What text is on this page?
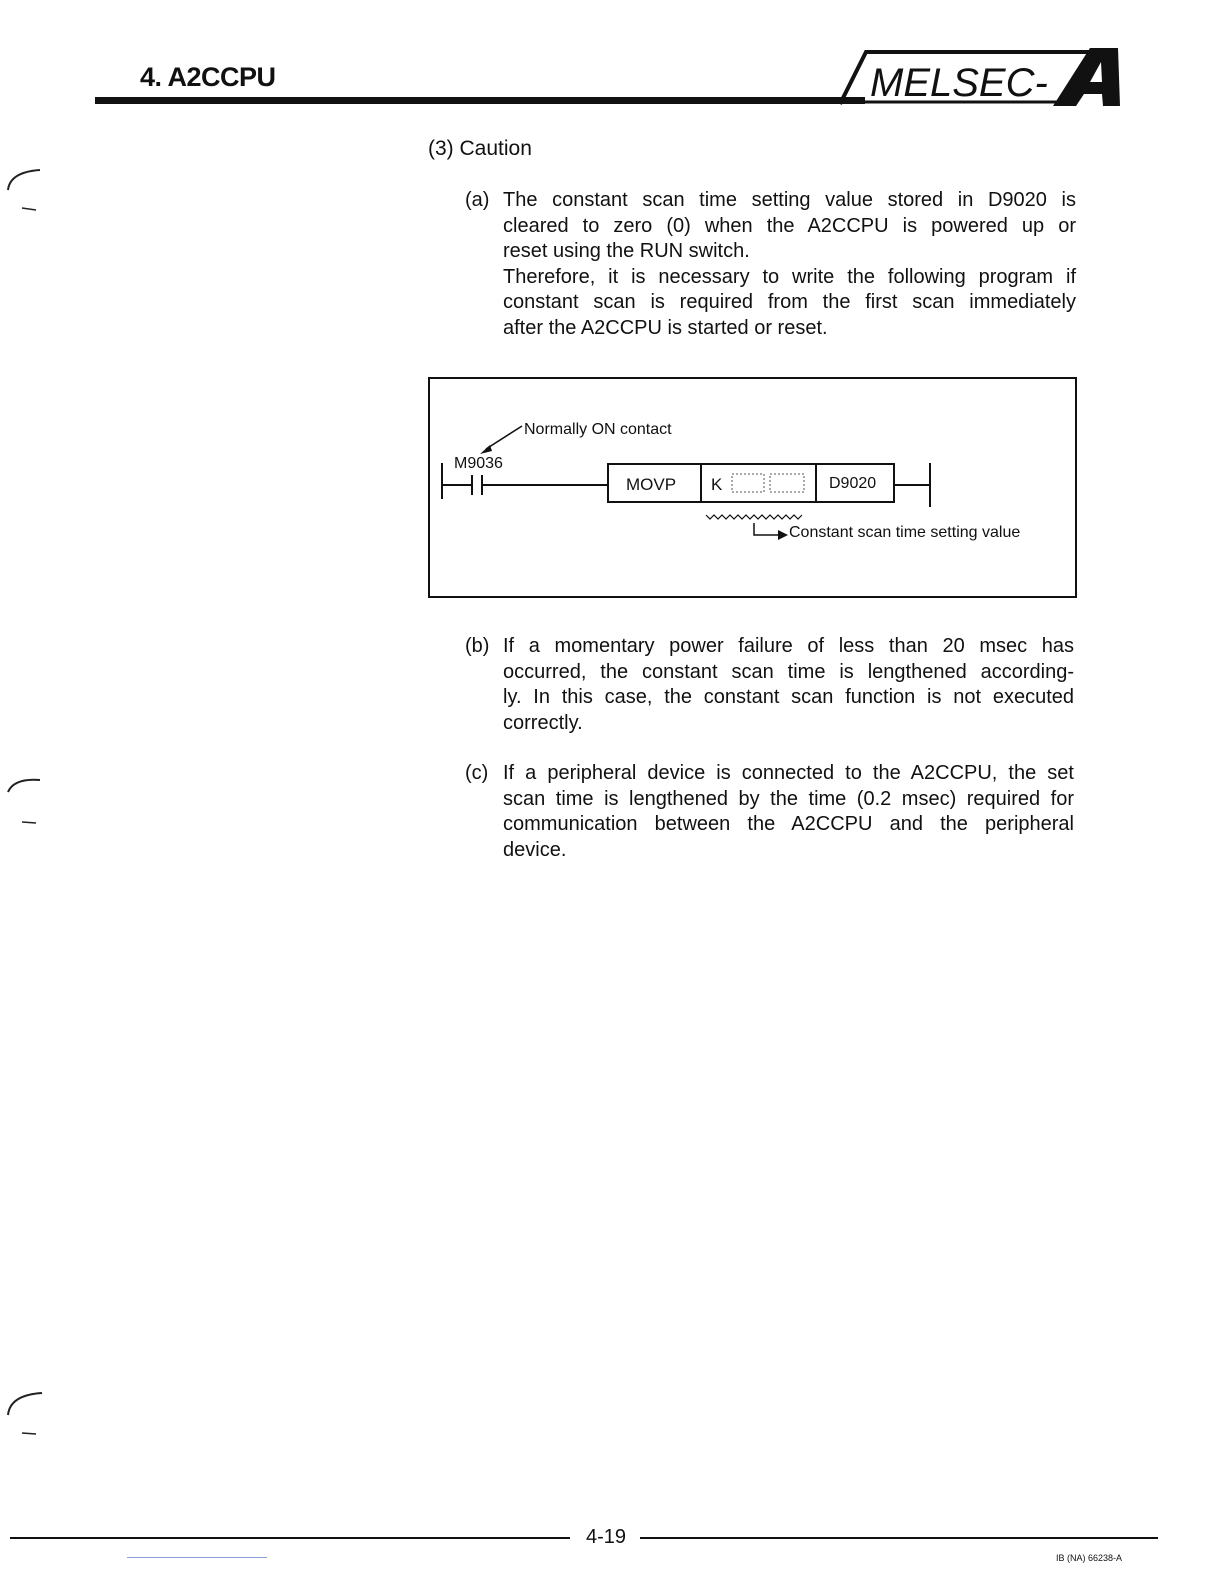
4. A2CCPU	MELSEC-
(3) Caution
(a) The constant scan time setting value stored in D9020 is
cleared to zero (0) when the A2CCPU is powered up or
reset using the RUN switch.
Therefore, it is necessary to write the following program if
constant scan is required from the first scan immediately
after the A2CCPU is started or reset.
Normally ON contact
M9036
MOVP K	D9020
Constant scan time setting value
(b) If a momentary power failure of less than 20 msec has
occurred, the constant scan time is lengthened according-
ly. In this case, the constant scan function is not executed
correctly.
(c) If a peripheral device is connected to the A2CCPU, the set
scan time is lengthened by the time (0.2 msec) required for
communication between the A2CCPU and the peripheral
device.
4-19
IB (NA) 66238-A
